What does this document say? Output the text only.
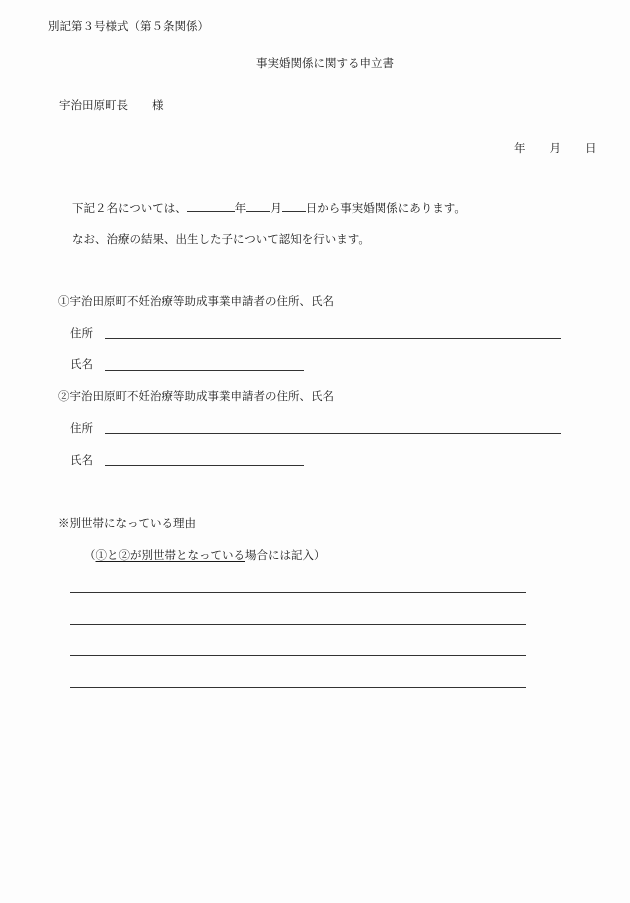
別記第３号様式（第５条関係）
事実婚関係に関する申立書
宇治田原町長 様
年 月 日
下記２名については、	年 月 日から事実婚関係にあります。
なお、治療の結果、出生した子について認知を行います。
①宇治田原町不妊治療等助成事業申請者の住所、氏名
住所
氏名
②宇治田原町不妊治療等助成事業申請者の住所、氏名
住所
氏名
※別世帯になっている理由
（①と②が別世帯となっている場合には記入）
